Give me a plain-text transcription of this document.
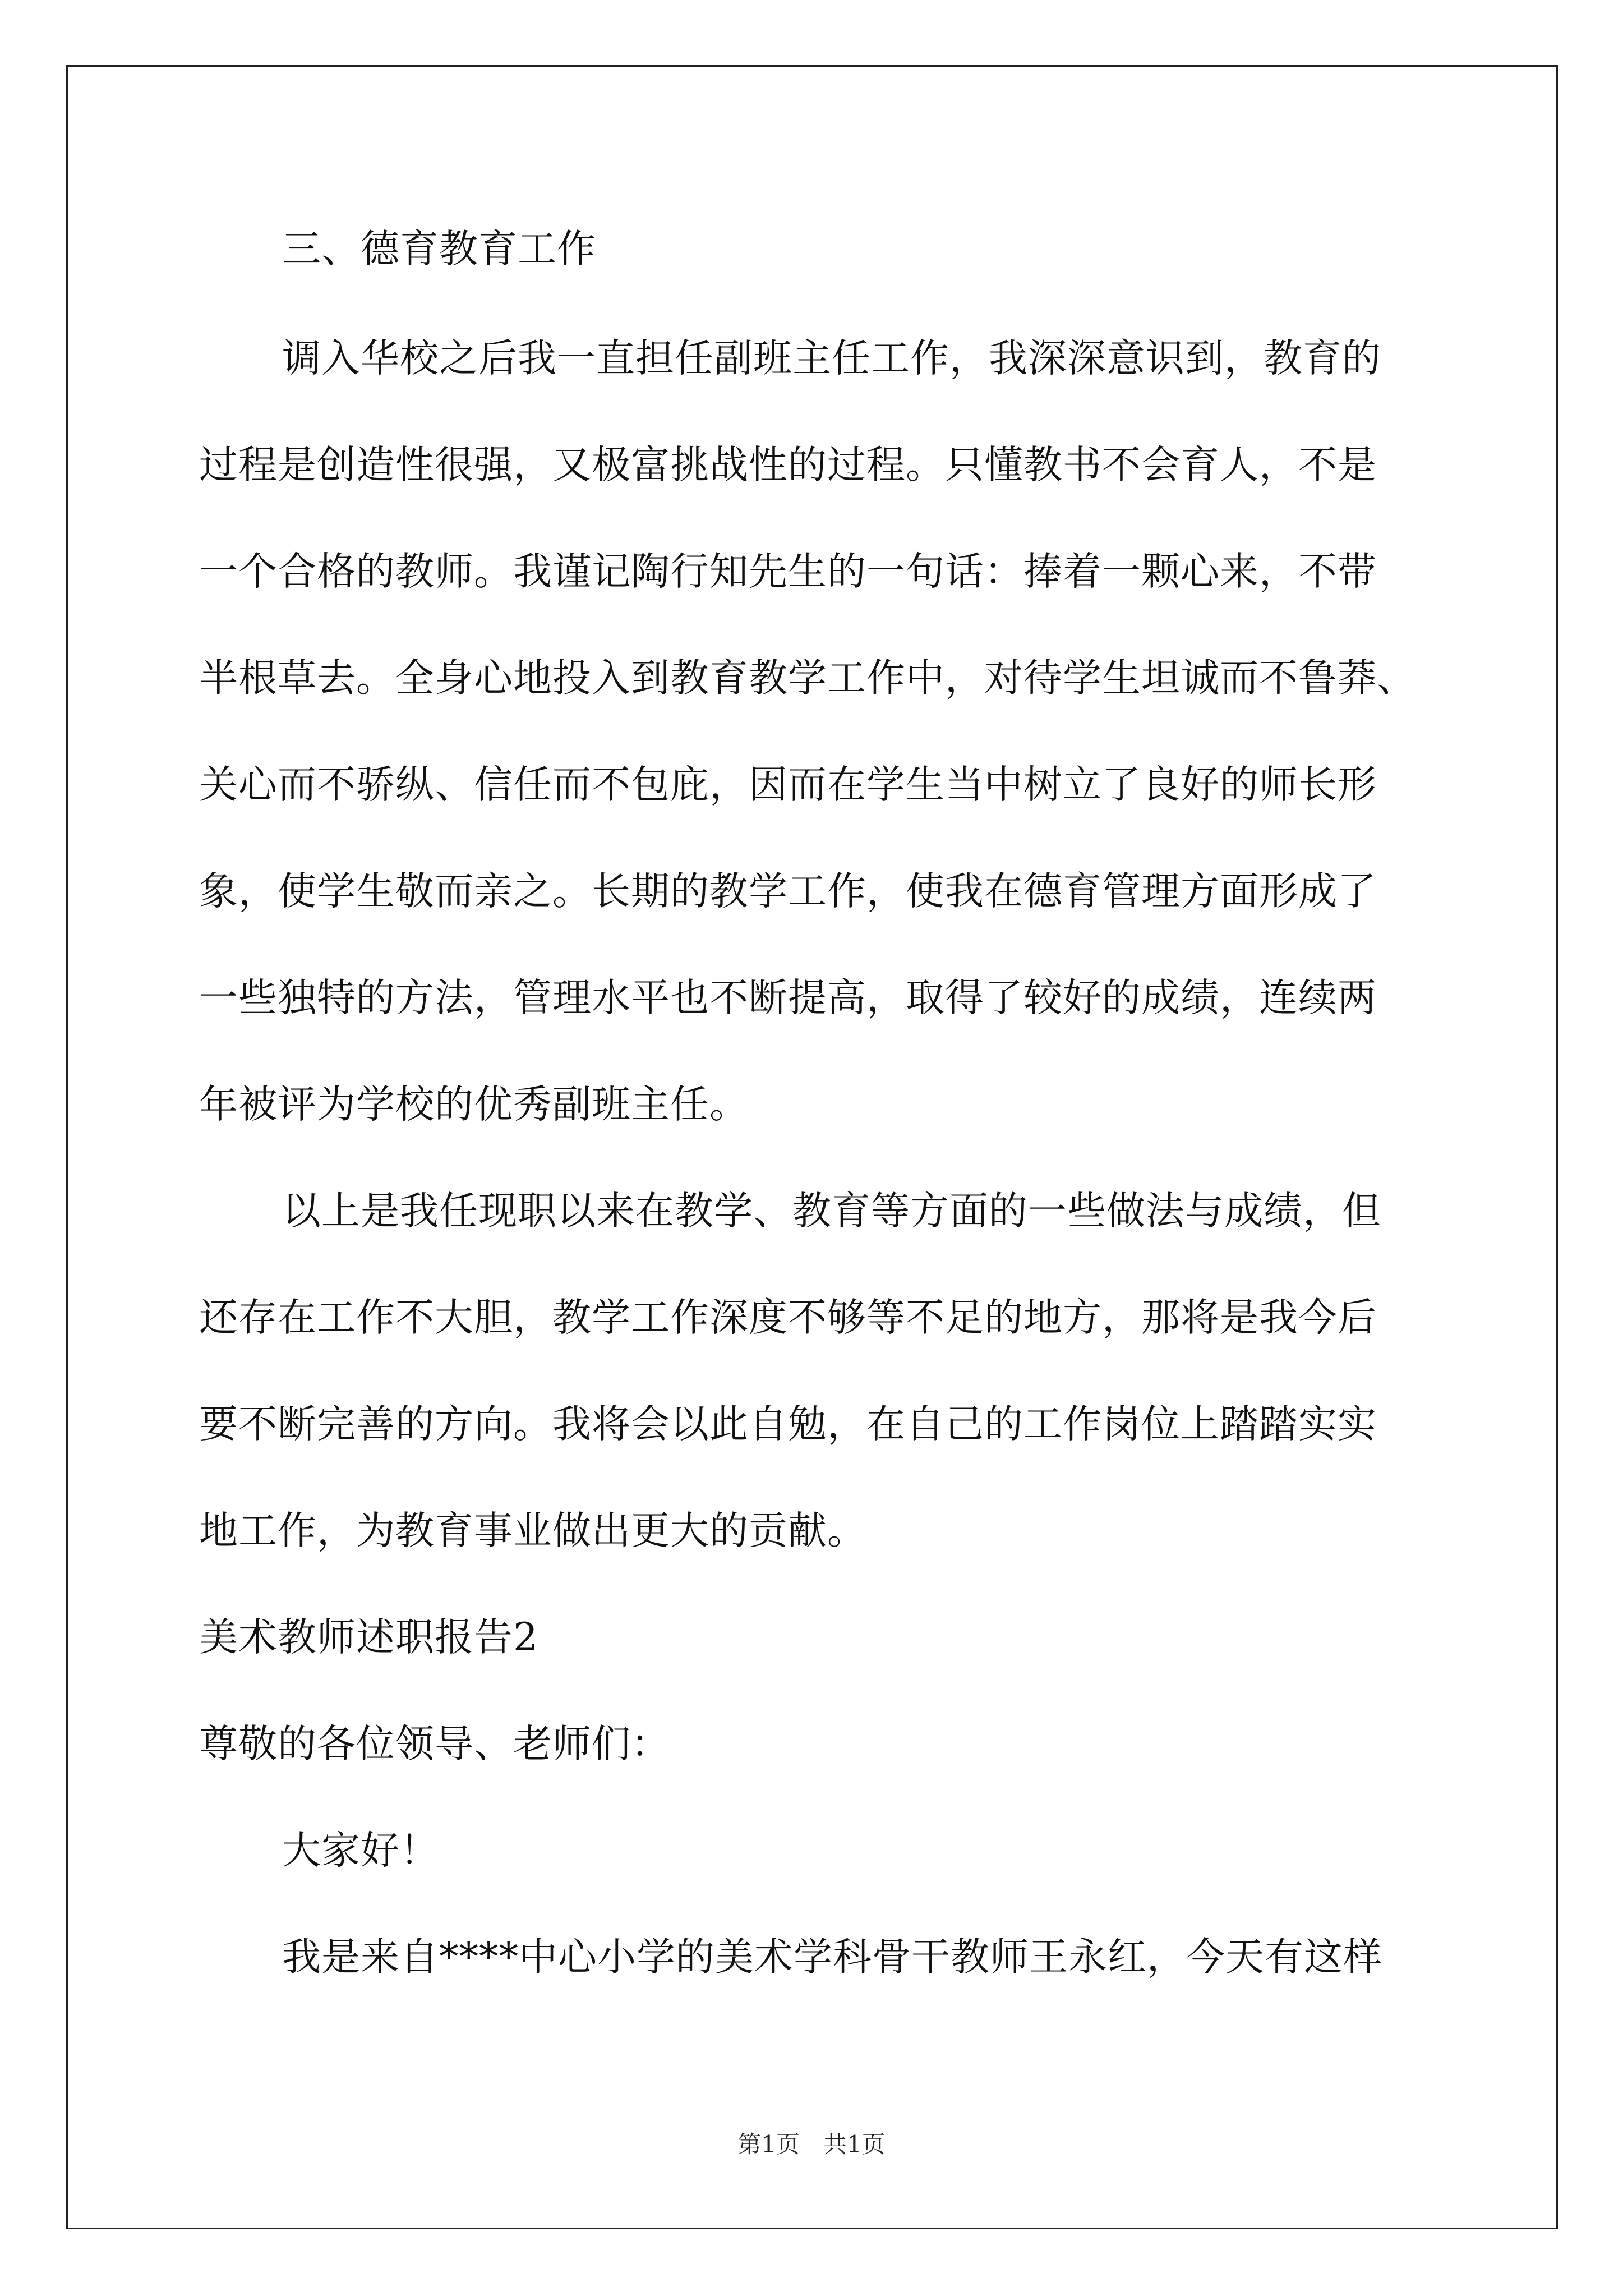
三、德育教育工作
调入华校之后我一直担任副班主任工作，我深深意识到，教育的
过程是创造性很强，又极富挑战性的过程。只懂教书不会育人，不是
一个合格的教师。我谨记陶行知先生的一句话：捧着一颗心来，不带
半根草去。全身心地投入到教育教学工作中，对待学生坦诚而不鲁莽、
关心而不骄纵、信任而不包庇，因而在学生当中树立了良好的师长形
象，使学生敬而亲之。长期的教学工作，使我在德育管理方面形成了
一些独特的方法，管理水平也不断提高，取得了较好的成绩，连续两
年被评为学校的优秀副班主任。
以上是我任现职以来在教学、教育等方面的一些做法与成绩，但
还存在工作不大胆，教学工作深度不够等不足的地方，那将是我今后
要不断完善的方向。我将会以此自勉，在自己的工作岗位上踏踏实实
地工作，为教育事业做出更大的贡献。
美术教师述职报告2
尊敬的各位领导、老师们：
大家好！
我是来自****中心小学的美术学科骨干教师王永红，今天有这样
第1页　共1页
